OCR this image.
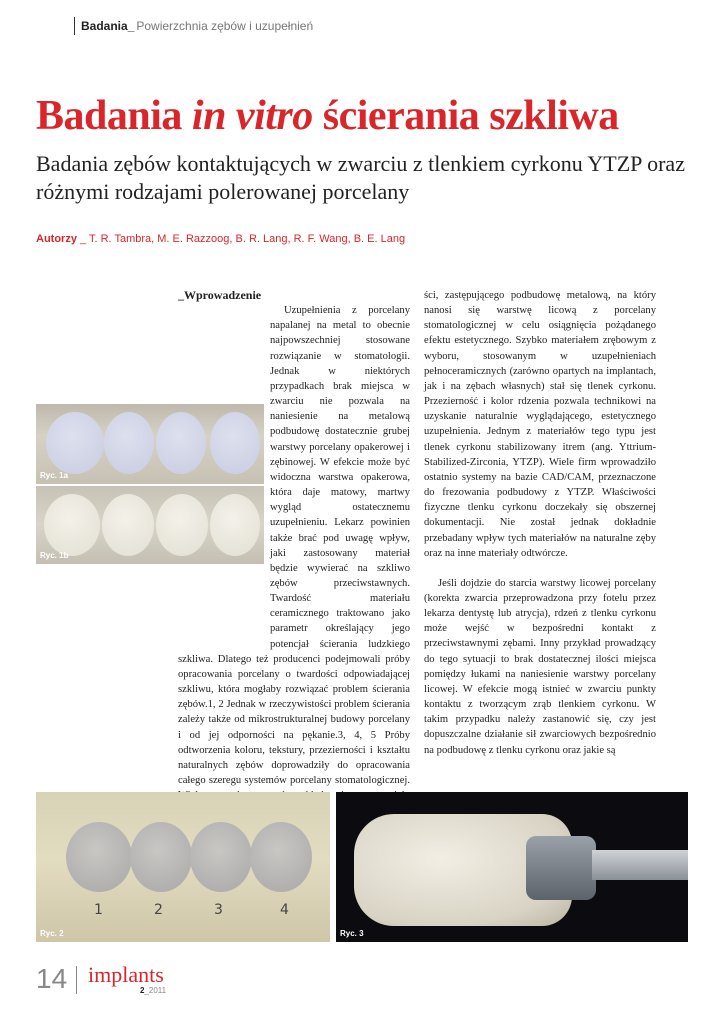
Badania _ Powierzchnia zębów i uzupełnień
Badania in vitro ścierania szkliwa
Badania zębów kontaktujących w zwarciu z tlenkiem cyrkonu YTZP oraz różnymi rodzajami polerowanej porcelany
Autorzy _ T. R. Tambra, M. E. Razzoog, B. R. Lang, R. F. Wang, B. E. Lang
Ryc. 1a
Ryc. 1b

_Wprowadzenie

Uzupełnienia z porcelany napalanej na metal to obecnie najpowszechniej stosowane rozwiązanie w stomatologii. Jednak w niektórych przypadkach brak miejsca w zwarciu nie pozwala na naniesienie na metalową podbudowę dostatecznie grubej warstwy porcelany opakerowej i zębinowej. W efekcie może być widoczna warstwa opakerowa, która daje matowy, martwy wygląd ostatecznemu uzupełnieniu. Lekarz powinien także brać pod uwagę wpływ, jaki zastosowany materiał będzie wywierać na szkliwo zębów przeciwstawnych. Twardość materiału ceramicznego traktowano jako parametr określający jego potencjał ścierania ludzkiego szkliwa. Dlatego też producenci podejmowali próby opracowania porcelany o twardości odpowiadającej szkliwu, która mogłaby rozwiązać problem ścierania zębów.1, 2 Jednak w rzeczywistości problem ścierania zależy także od mikrostrukturalnej budowy porcelany i od jej odporności na pękanie.3, 4, 5 Próby odtworzenia koloru, tekstury, przezierności i kształtu naturalnych zębów doprowadziły do opracowania całego szeregu systemów porcelany stomatologicznej.

ści, zastępującego podbudowę metalową, na który nanosi się warstwę licową z porcelany stomatologicznej w celu osiągnięcia pożądanego efektu estetycznego. Szybko materiałem zrębowym z wyboru, stosowanym w uzupełnieniach pełnoceramicznych (zarówno opartych na implantach, jak i na zębach własnych) stał się tlenek cyrkonu. Przezierność i kolor rdzenia pozwala technikowi na uzyskanie naturalnie wyglądającego, estetycznego uzupełnienia. Jednym z materiałów tego typu jest tlenek cyrkonu stabilizowany itrem (ang. Yttrium-Stabilized-Zirconia, YTZP). Wiele firm wprowadziło ostatnio systemy na bazie CAD/CAM, przeznaczone do frezowania podbudowy z YTZP. Właściwości fizyczne tlenku cyrkonu doczekały się obszernej dokumentacji. Nie został jednak dokładnie przebadany wpływ tych materiałów na naturalne zęby oraz na inne materiały odtwórcze.

Jeśli dojdzie do starcia warstwy licowej porcelany (korekta zwarcia przeprowadzona przy fotelu przez lekarza dentystę lub atrycja), rdzeń z tlenku cyrkonu może wejść w bezpośredni kontakt z przeciwstawnymi zębami. Inny przykład prowadzący do tego sytuacji to brak dostatecznej ilości miejsca pomiędzy łukami na naniesienie warstwy porcelany licowej. W efekcie mogą istnieć w zwarciu punkty kontaktu z tworzącym zrąb tlenkiem cyrkonu. W takim przypadku należy zastanowić się, czy jest dopuszczalne działanie sił zwarciowych bezpośrednio na podbudowę z tlenku cyrkonu oraz jakie są

1	2	3	4
Ryc. 2	Ryc. 3
14 implants
2_2011
